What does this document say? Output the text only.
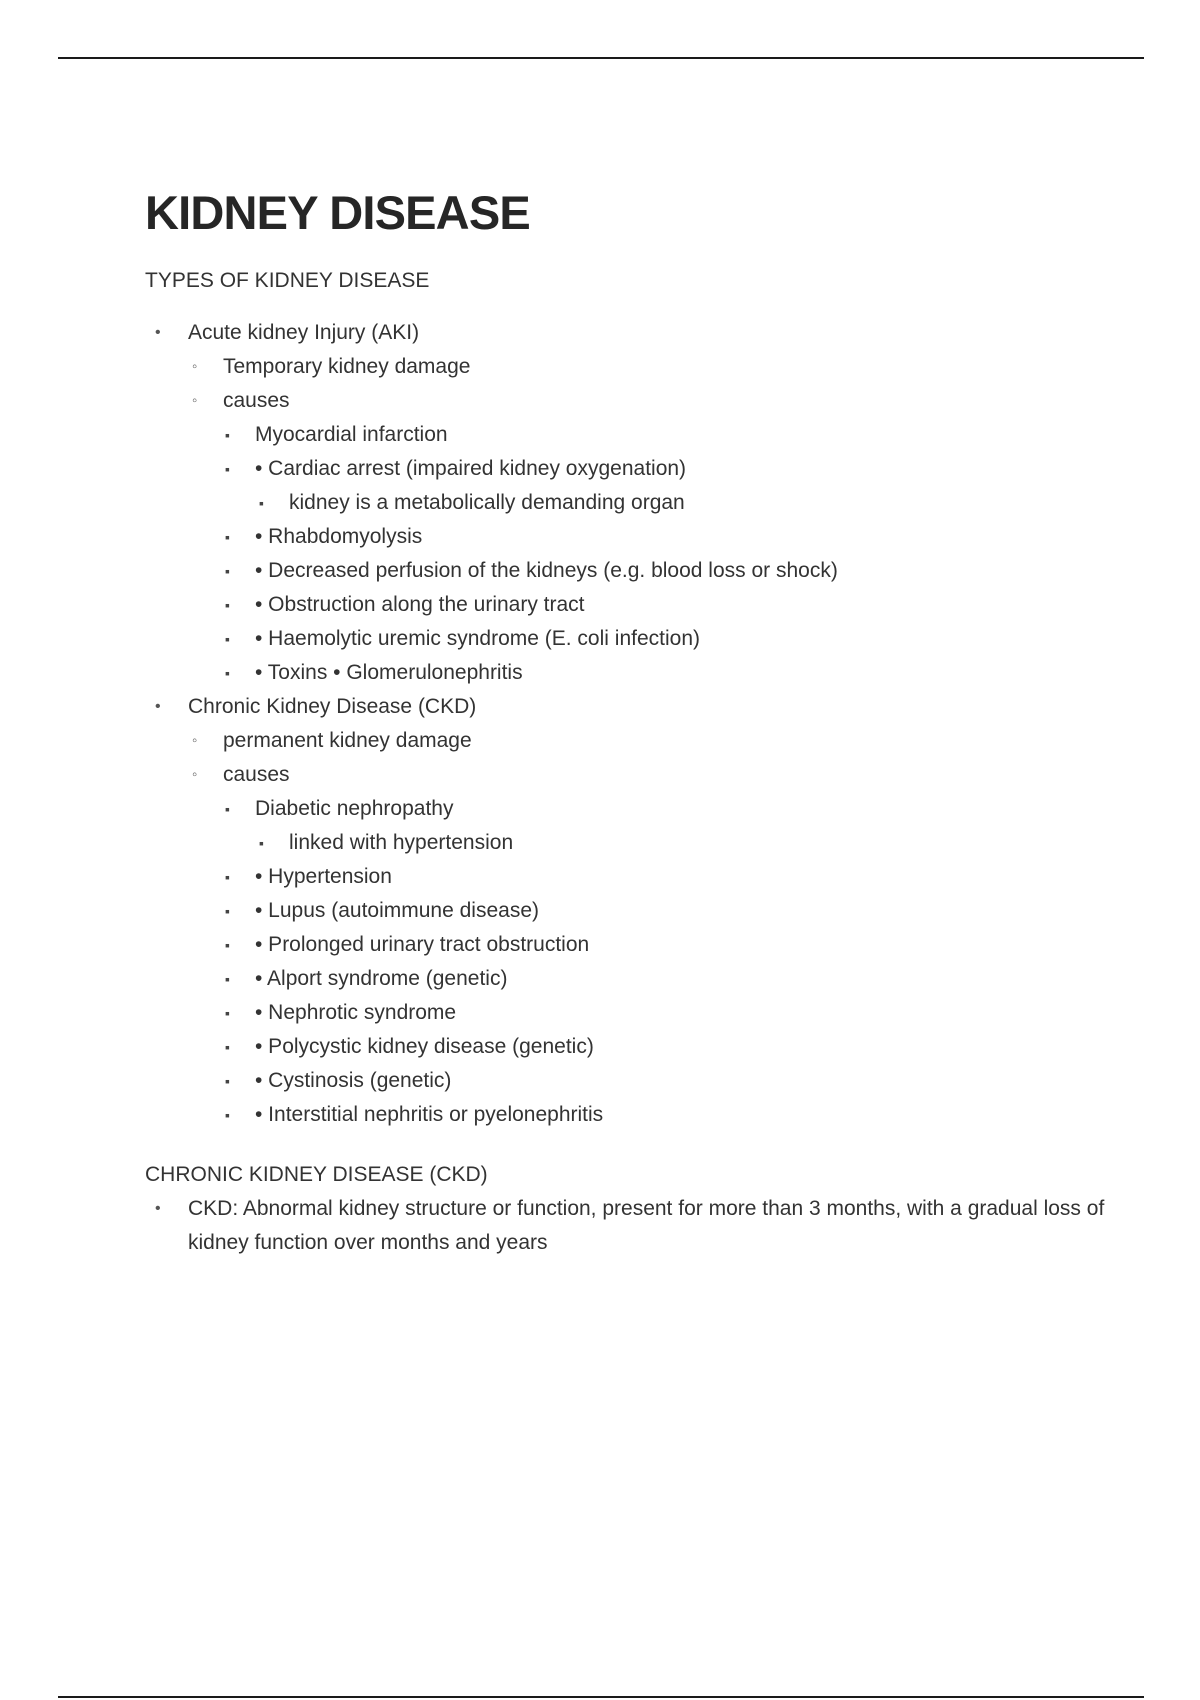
KIDNEY DISEASE

TYPES OF KIDNEY DISEASE

• Acute kidney Injury (AKI)
◦ Temporary kidney damage
◦ causes
▪ Myocardial infarction
▪ • Cardiac arrest (impaired kidney oxygenation)
▪ kidney is a metabolically demanding organ
▪ • Rhabdomyolysis
▪ • Decreased perfusion of the kidneys (e.g. blood loss or shock)
▪ • Obstruction along the urinary tract
▪ • Haemolytic uremic syndrome (E. coli infection)
▪ • Toxins • Glomerulonephritis
• Chronic Kidney Disease (CKD)
◦ permanent kidney damage
◦ causes
▪ Diabetic nephropathy
▪ linked with hypertension
▪ • Hypertension
▪ • Lupus (autoimmune disease)
▪ • Prolonged urinary tract obstruction
▪ • Alport syndrome (genetic)
▪ • Nephrotic syndrome
▪ • Polycystic kidney disease (genetic)
▪ • Cystinosis (genetic)
▪ • Interstitial nephritis or pyelonephritis

CHRONIC KIDNEY DISEASE (CKD)

• CKD: Abnormal kidney structure or function, present for more than 3 months, with a gradual loss of kidney function over months and years
